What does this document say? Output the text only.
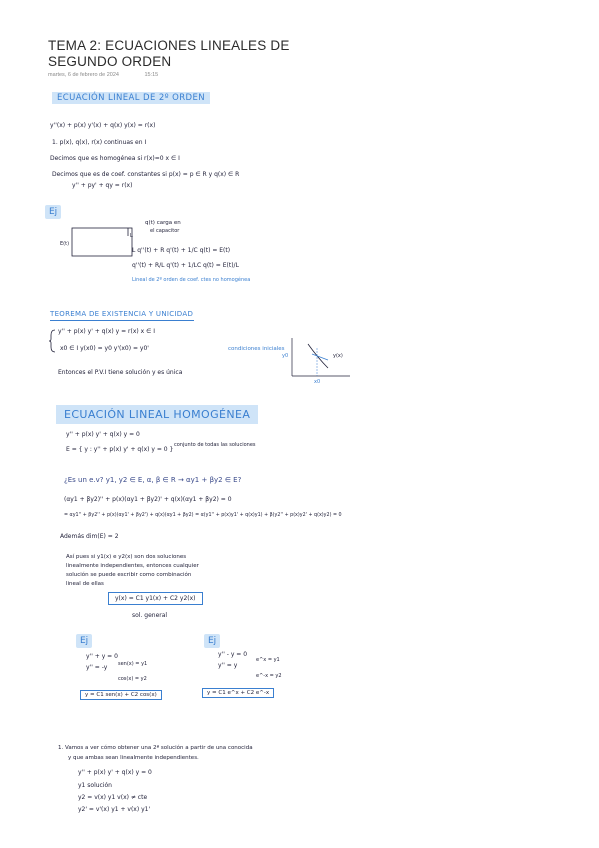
TEMA 2: ECUACIONES LINEALES DE SEGUNDO ORDEN
martes, 6 de febrero de 2024	15:15
ECUACIÓN LINEAL DE 2º ORDEN
y''(x) + p(x) y'(x) + q(x) y(x) = r(x)
1. p(x), q(x), r(x) continuas en I
Decimos que es homogénea si r(x)=0 x ∈ I
Decimos que es de coef. constantes si p(x) = p ∈ R y q(x) ∈ R
y'' + py' + qy = r(x)
Ej
E(t)
L
q(t) carga en
el capacitor
L q''(t) + R q'(t) + 1/C q(t) = E(t)
q''(t) + R/L q'(t) + 1/LC q(t) = E(t)/L
Lineal de 2º orden de coef. ctes no homogénea
TEOREMA DE EXISTENCIA Y UNICIDAD
y'' + p(x) y' + q(x) y = r(x) x ∈ I
x0 ∈ I y(x0) = y0 y'(x0) = y0'	condiciones iniciales
Entonces el P.V.I tiene solución y es única
y0	y(x)
x0
ECUACIÓN LINEAL HOMOGÉNEA
y'' + p(x) y' + q(x) y = 0
E = { y : y'' + p(x) y' + q(x) y = 0 }
conjunto de todas las soluciones
¿Es un e.v? y1, y2 ∈ E, α, β ∈ R → αy1 + βy2 ∈ E?
(αy1 + βy2)'' + p(x)(αy1 + βy2)' + q(x)(αy1 + βy2) = 0
= αy1'' + βy2'' + p(x)(αy1' + βy2') + q(x)(αy1 + βy2) = α(y1'' + p(x)y1' + q(x)y1) + β(y2'' + p(x)y2' + q(x)y2) = 0
Además dim(E) = 2
Así pues si y1(x) e y2(x) son dos soluciones
linealmente independientes, entonces cualquier
solución se puede escribir como combinación
lineal de ellas
y(x) = C1 y1(x) + C2 y2(x)
sol. general
Ej	Ej
y'' + y = 0
y'' = -y sen(x) = y1
cos(x) = y2
y = C1 sen(x) + C2 cos(x)
y'' - y = 0
y'' = y
e^x = y1
e^-x = y2
y = C1 e^x + C2 e^-x
1. Vamos a ver cómo obtener una 2ª solución a partir de una conocida
y que ambas sean linealmente independientes.
y'' + p(x) y' + q(x) y = 0
y1 solución
y2 = v(x) y1 v(x) ≠ cte
y2' = v'(x) y1 + v(x) y1'
